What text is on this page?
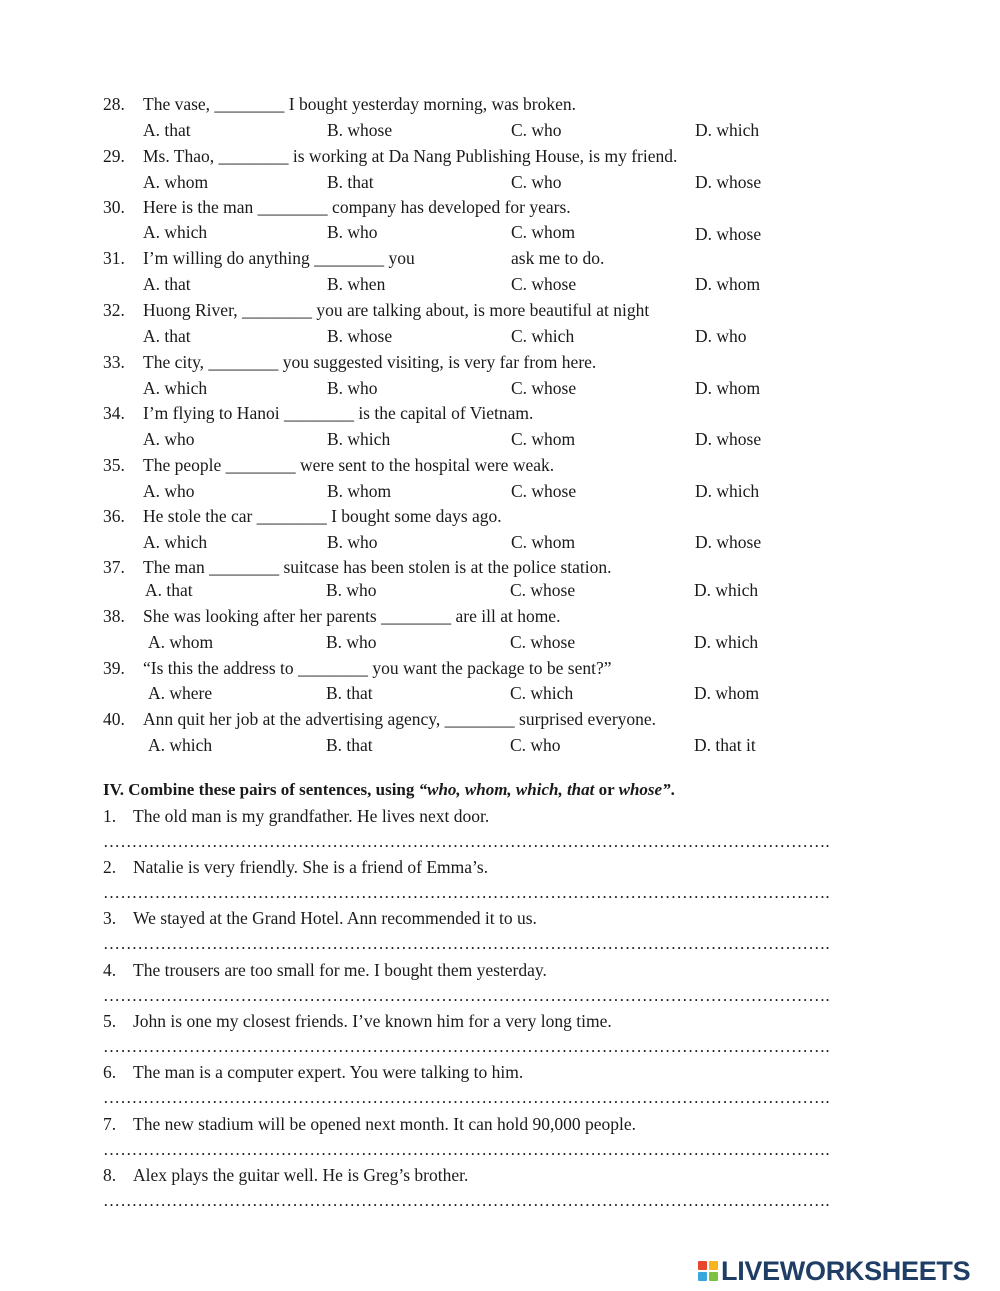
28. The vase, ________ I bought yesterday morning, was broken.
A. that	B. whose	C. who	D. which
29. Ms. Thao, ________ is working at Da Nang Publishing House, is my friend.
A. whom	B. that	C. who	D. whose
30. Here is the man ________ company has developed for years.
A. which	B. who	C. whom	D. whose
31. I’m willing do anything ________ you	ask me to do.
A. that	B. when	C. whose	D. whom
32. Huong River, ________ you are talking about, is more beautiful at night
A. that	B. whose	C. which	D. who
33. The city, ________ you suggested visiting, is very far from here.
A. which	B. who	C. whose	D. whom
34. I’m flying to Hanoi ________ is the capital of Vietnam.
A. who	B. which	C. whom	D. whose
35. The people ________ were sent to the hospital were weak.
A. who	B. whom	C. whose	D. which
36. He stole the car ________ I bought some days ago.
A. which	B. who	C. whom	D. whose
37. The man ________ suitcase has been stolen is at the police station.
A. that	B. who	C. whose	D. which
38. She was looking after her parents ________ are ill at home.
A. whom	B. who	C. whose	D. which
39. “Is this the address to ________ you want the package to be sent?”
A. where	B. that	C. which	D. whom
40. Ann quit her job at the advertising agency, ________ surprised everyone.
A. which	B. that	C. who	D. that it
IV. Combine these pairs of sentences, using “who, whom, which, that or whose”.
1. The old man is my grandfather. He lives next door.
……………………………………………………………………………………………………………….
2. Natalie is very friendly. She is a friend of Emma’s.
……………………………………………………………………………………………………………….
3. We stayed at the Grand Hotel. Ann recommended it to us.
……………………………………………………………………………………………………………….
4. The trousers are too small for me. I bought them yesterday.
……………………………………………………………………………………………………………….
5. John is one my closest friends. I’ve known him for a very long time.
……………………………………………………………………………………………………………….
6. The man is a computer expert. You were talking to him.
……………………………………………………………………………………………………………….
7. The new stadium will be opened next month. It can hold 90,000 people.
……………………………………………………………………………………………………………….
8. Alex plays the guitar well. He is Greg’s brother.
……………………………………………………………………………………………………………….
LIVEWORKSHEETS
